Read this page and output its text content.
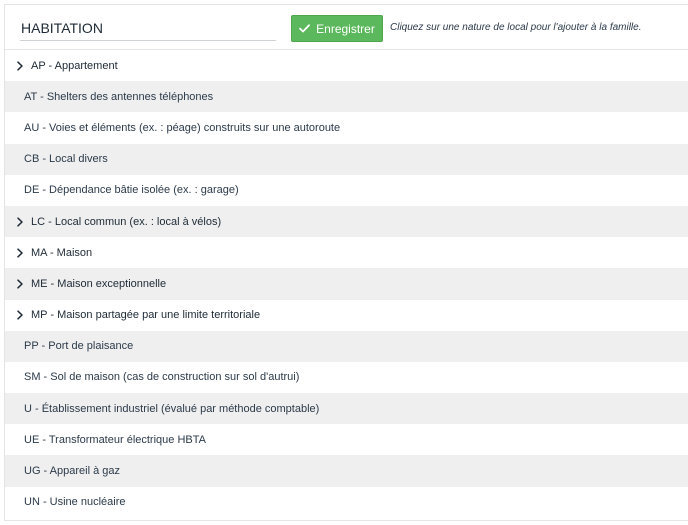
HABITATION
Enregistrer Cliquez sur une nature de local pour l'ajouter à la famille.
AP - Appartement
AT - Shelters des antennes téléphones
AU - Voies et éléments (ex. : péage) construits sur une autoroute
CB - Local divers
DE - Dépendance bâtie isolée (ex. : garage)
LC - Local commun (ex. : local à vélos)
MA - Maison
ME - Maison exceptionnelle
MP - Maison partagée par une limite territoriale
PP - Port de plaisance
SM - Sol de maison (cas de construction sur sol d'autrui)
U - Établissement industriel (évalué par méthode comptable)
UE - Transformateur électrique HBTA
UG - Appareil à gaz
UN - Usine nucléaire
